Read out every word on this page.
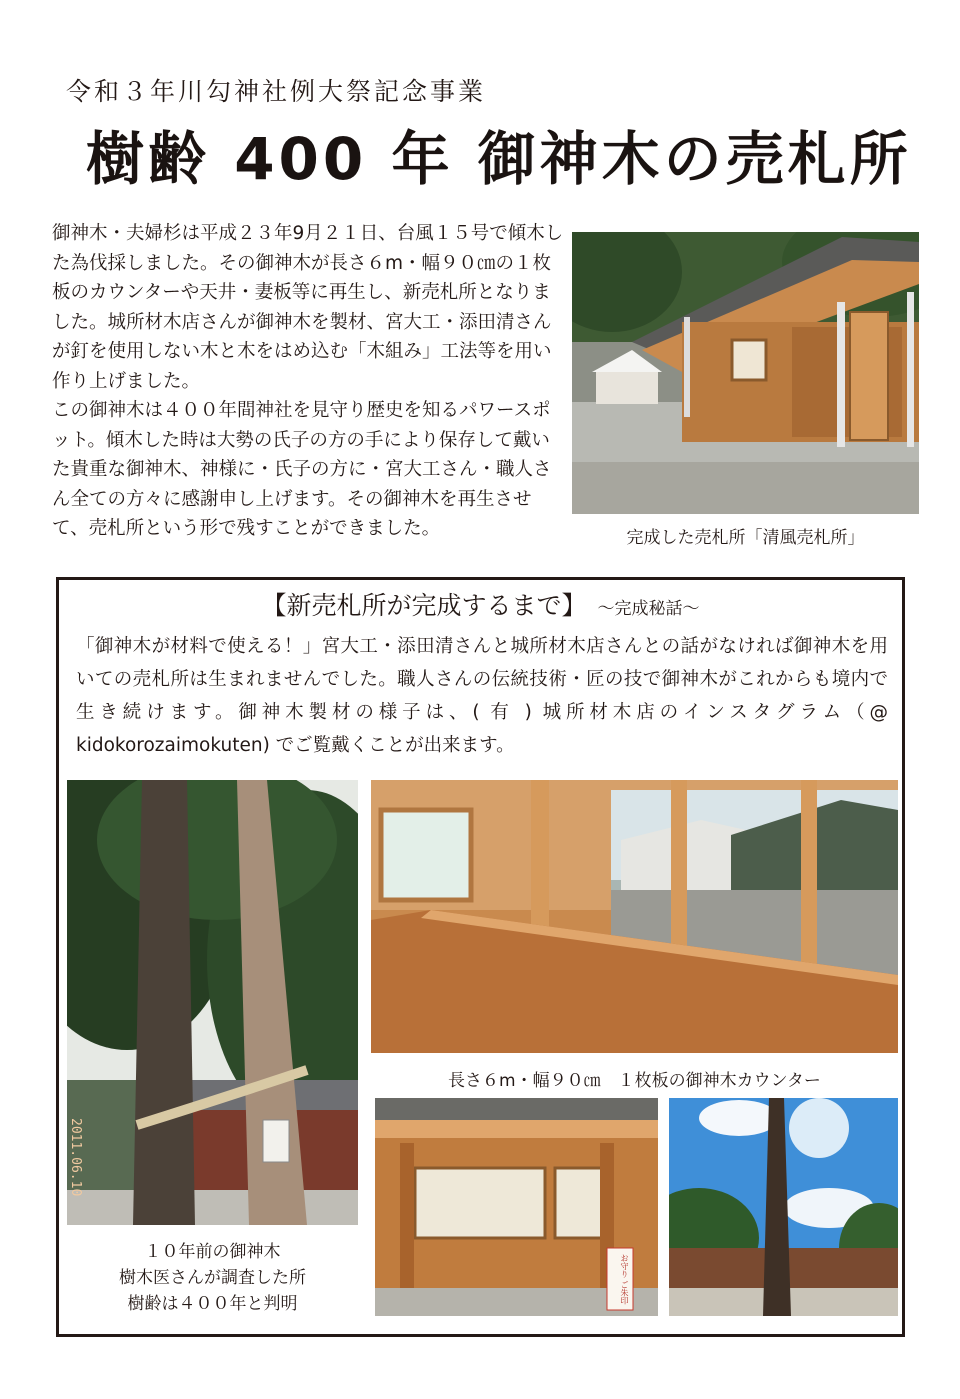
令和３年川勾神社例大祭記念事業
樹齢 400 年 御神木の売札所

御神木・夫婦杉は平成２３年9月２１日、台風１５号で傾木した為伐採しました。その御神木が長さ６m・幅９０㎝の１枚板のカウンターや天井・妻板等に再生し、新売札所となりました。城所材木店さんが御神木を製材、宮大工・添田清さんが釘を使用しない木と木をはめ込む「木組み」工法等を用い作り上げました。

この御神木は４００年間神社を見守り歴史を知るパワースポット。傾木した時は大勢の氏子の方の手により保存して戴いた貴重な御神木、神様に・氏子の方に・宮大工さん・職人さん全ての方々に感謝申し上げます。その御神木を再生させて、売札所という形で残すことができました。	完成した売札所「清風売札所」
【新売札所が完成するまで】 ～完成秘話～
「御神木が材料で使える！」宮大工・添田清さんと城所材木店さんとの話がなければ御神木を用いての売札所は生まれませんでした。職人さんの伝統技術・匠の技で御神木がこれからも境内で生き続けます。御神木製材の様子は、( 有 ) 城所材木店のインスタグラム（@ kidokorozaimokuten) でご覧戴くことが出来ます。
2011.06.10
１０年前の御神木
樹木医さんが調査した所
樹齢は４００年と判明
長さ６m・幅９０㎝　１枚板の御神木カウンター
お守り ご朱印
